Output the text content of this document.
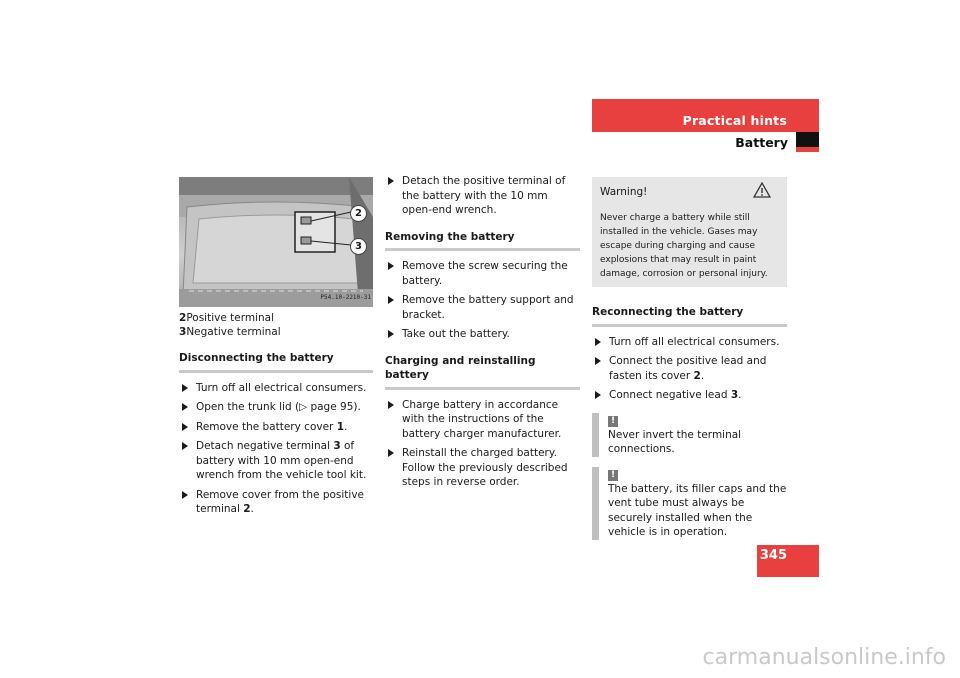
Practical hints
Battery
2
3
P54.10-2210-31
2Positive terminal
3Negative terminal
Disconnecting the battery
Turn off all electrical consumers.
Open the trunk lid (▷ page 95).
Remove the battery cover 1.
Detach negative terminal 3 of battery with 10 mm open-end wrench from the vehicle tool kit.
Remove cover from the positive terminal 2.
Detach the positive terminal of the battery with the 10 mm open-end wrench.
Removing the battery
Remove the screw securing the battery.
Remove the battery support and bracket.
Take out the battery.
Charging and reinstalling battery
Charge battery in accordance with the instructions of the battery charger manufacturer.
Reinstall the charged battery. Follow the previously described steps in reverse order.
Warning!
Never charge a battery while still installed in the vehicle. Gases may escape during charging and cause explosions that may result in paint damage, corrosion or personal injury.
Reconnecting the battery
Turn off all electrical consumers.
Connect the positive lead and fasten its cover 2.
Connect negative lead 3.
!
Never invert the terminal connections.
!
The battery, its filler caps and the vent tube must always be securely installed when the vehicle is in operation.
345
carmanualsonline.info
